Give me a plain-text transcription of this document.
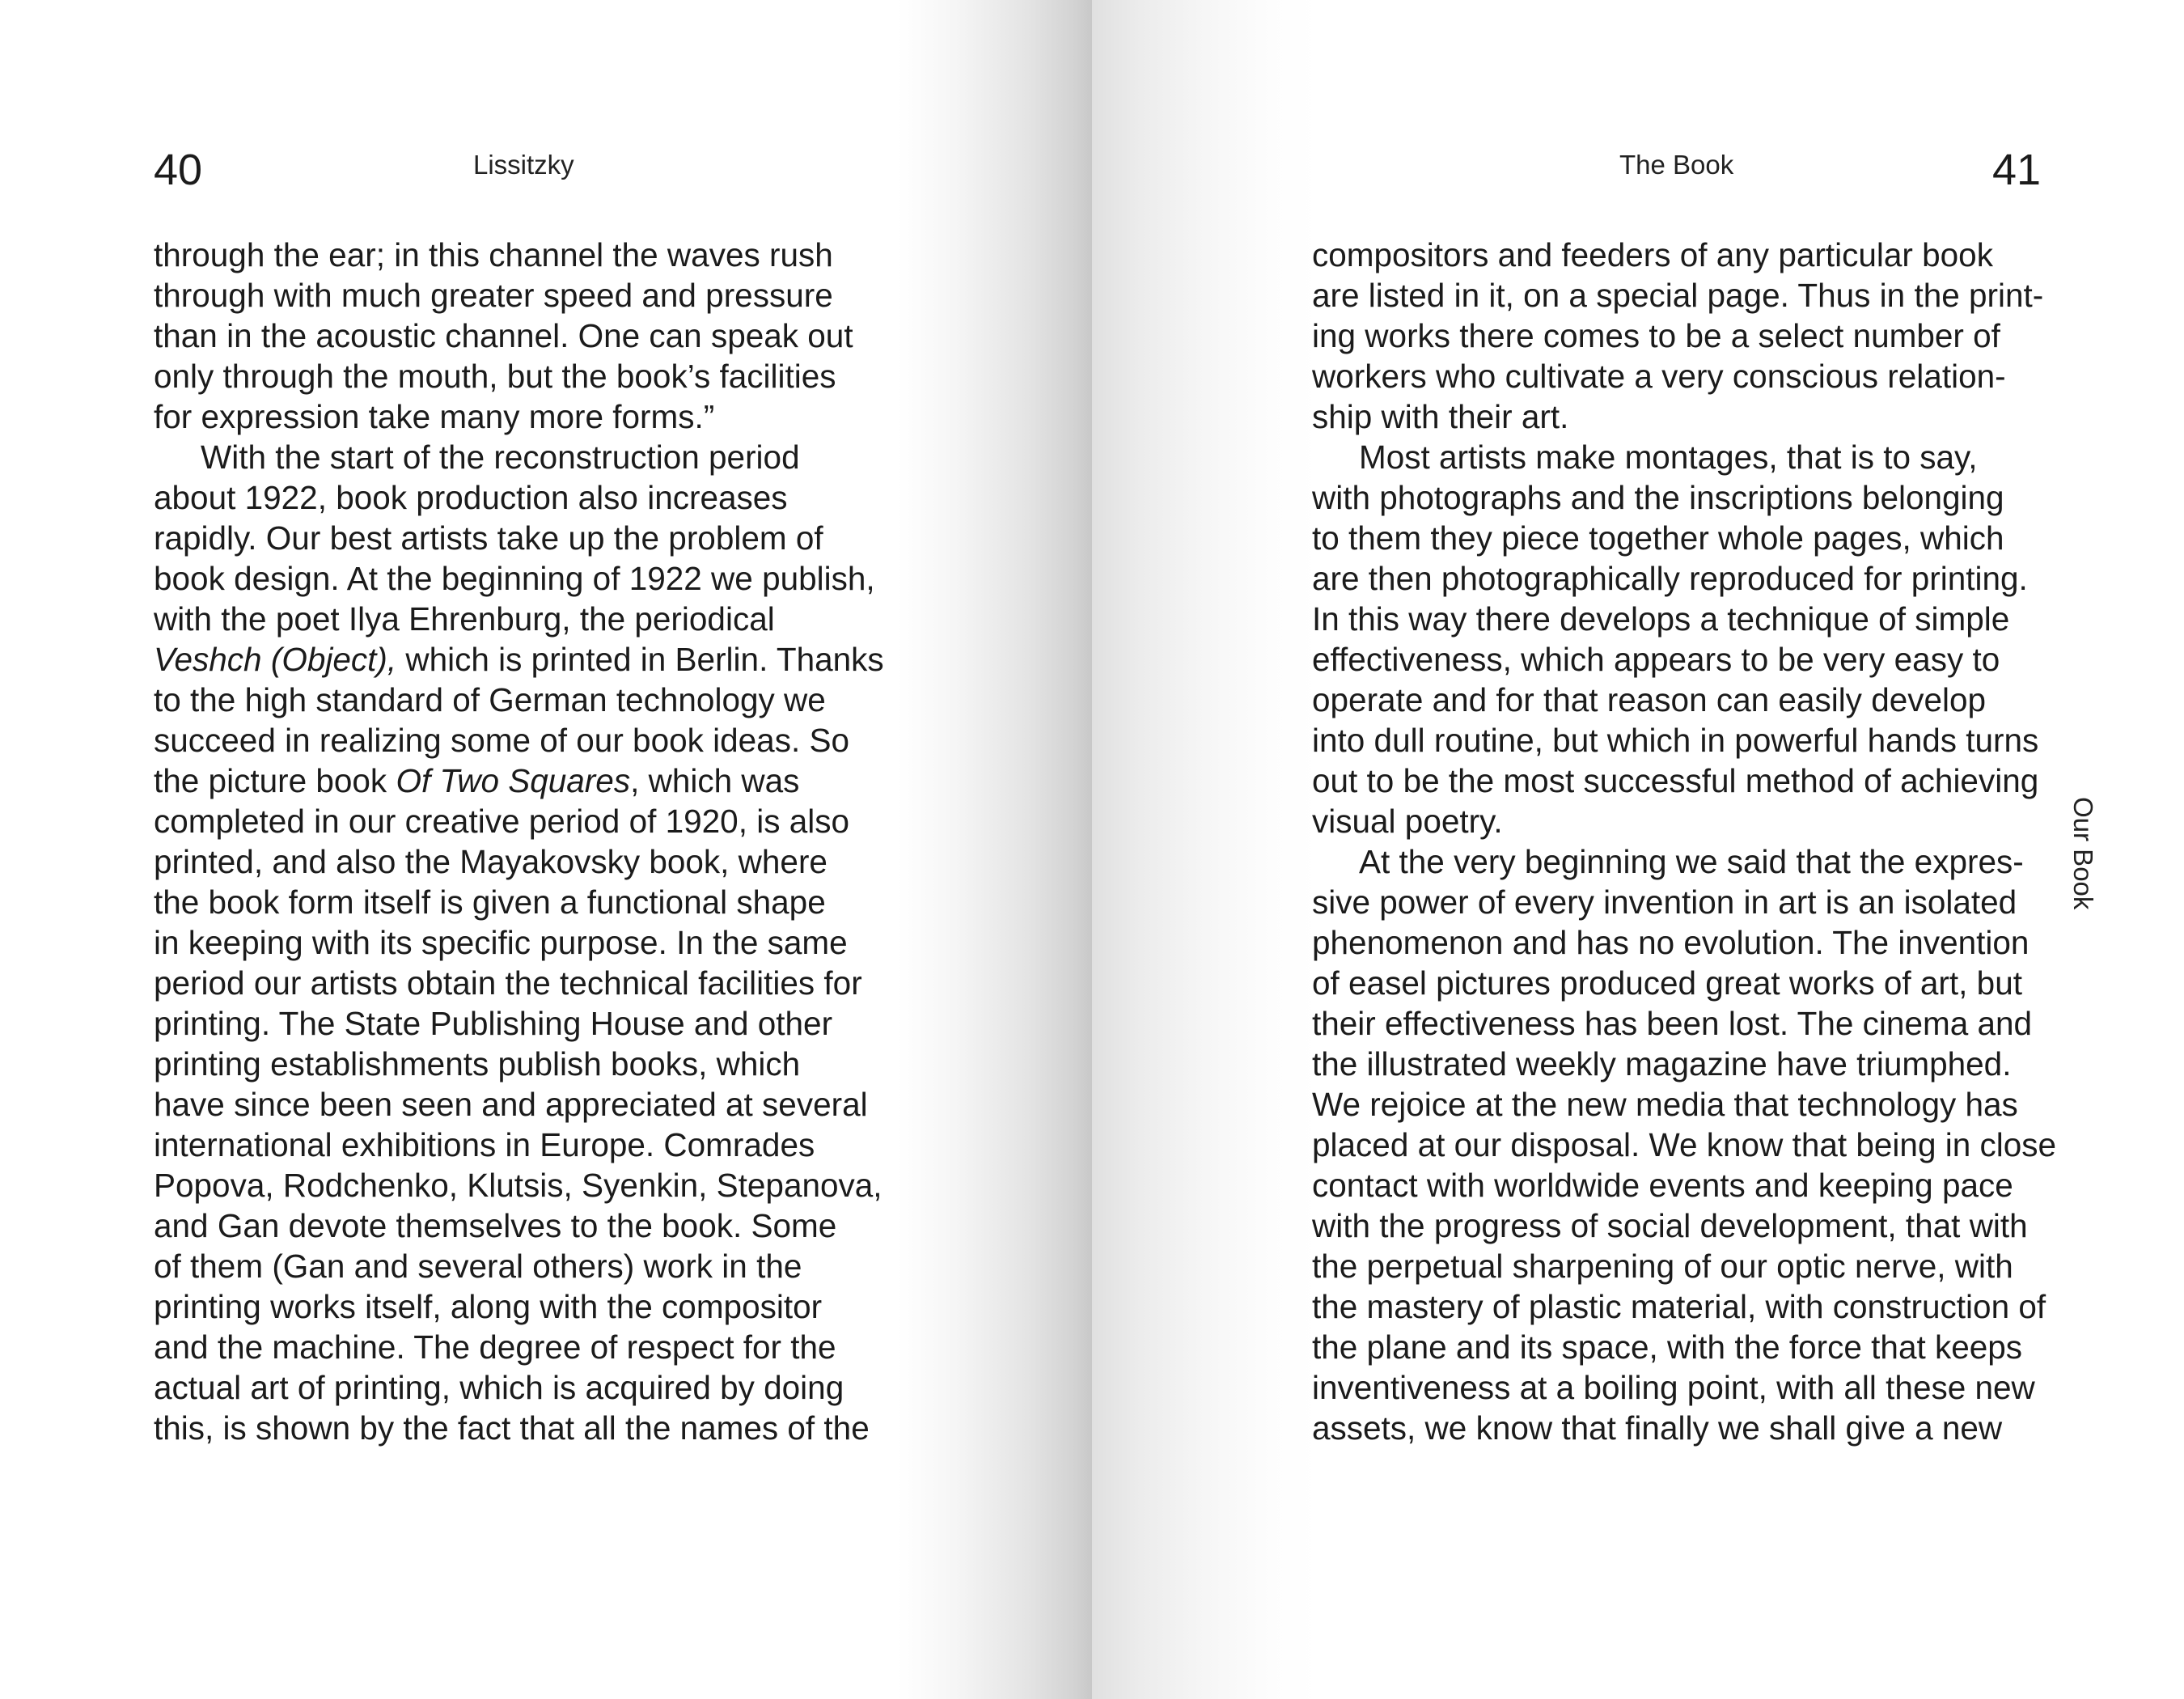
40	Lissitzky
through the ear; in this channel the waves rush
through with much greater speed and pressure
than in the acoustic channel. One can speak out
only through the mouth, but the book’s facilities
for expression take many more forms.”
With the start of the reconstruction period
about 1922, book production also increases
rapidly. Our best artists take up the problem of
book design. At the beginning of 1922 we publish,
with the poet Ilya Ehrenburg, the periodical
Veshch (Object), which is printed in Berlin. Thanks
to the high standard of German technology we
succeed in realizing some of our book ideas. So
the picture book Of Two Squares, which was
completed in our creative period of 1920, is also
printed, and also the Mayakovsky book, where
the book form itself is given a functional shape
in keeping with its specific purpose. In the same
period our artists obtain the technical facilities for
printing. The State Publishing House and other
printing establishments publish books, which
have since been seen and appreciated at several
international exhibitions in Europe. Comrades
Popova, Rodchenko, Klutsis, Syenkin, Stepanova,
and Gan devote themselves to the book. Some
of them (Gan and several others) work in the
printing works itself, along with the compositor
and the machine. The degree of respect for the
actual art of printing, which is acquired by doing
this, is shown by the fact that all the names of the
The Book	41
compositors and feeders of any particular book
are listed in it, on a special page. Thus in the print-
ing works there comes to be a select number of
workers who cultivate a very conscious relation-
ship with their art.
Most artists make montages, that is to say,
with photographs and the inscriptions belonging
to them they piece together whole pages, which
are then photographically reproduced for printing.
In this way there develops a technique of simple
effectiveness, which appears to be very easy to
operate and for that reason can easily develop
into dull routine, but which in powerful hands turns
out to be the most successful method of achieving
visual poetry.
At the very beginning we said that the expres-
sive power of every invention in art is an isolated
phenomenon and has no evolution. The invention
of easel pictures produced great works of art, but
their effectiveness has been lost. The cinema and
the illustrated weekly magazine have triumphed.
We rejoice at the new media that technology has
placed at our disposal. We know that being in close
contact with worldwide events and keeping pace
with the progress of social development, that with
the perpetual sharpening of our optic nerve, with
the mastery of plastic material, with construction of
the plane and its space, with the force that keeps
inventiveness at a boiling point, with all these new
assets, we know that finally we shall give a new
Our Book
